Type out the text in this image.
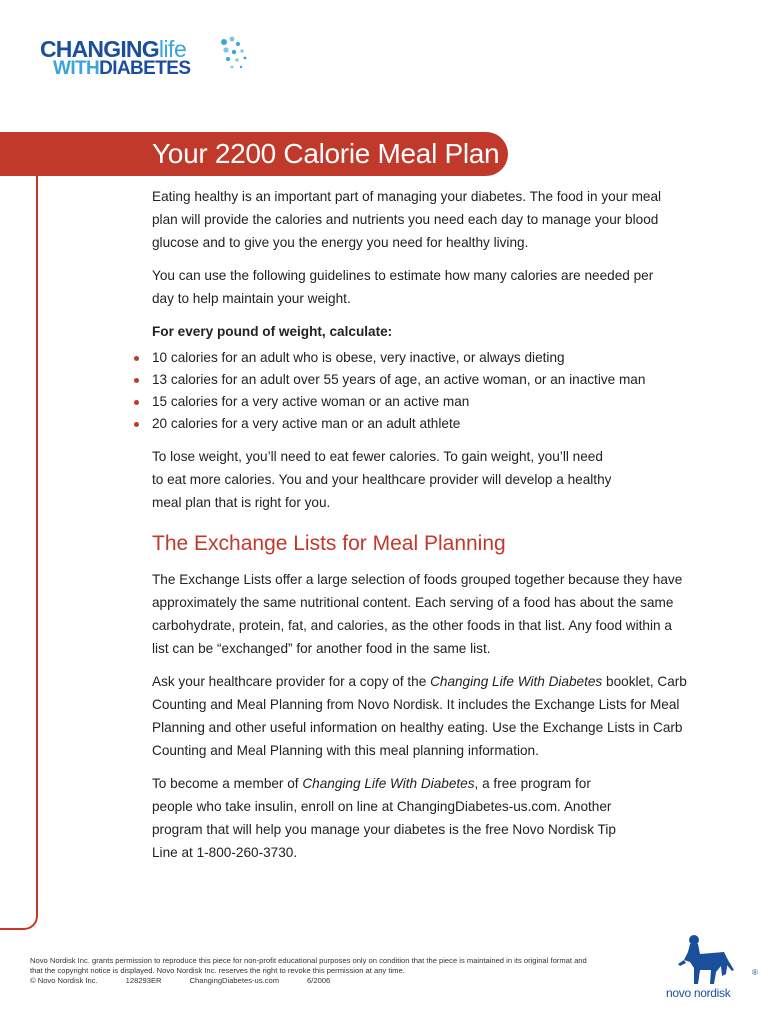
CHANGINGlife
WITHDIABETES
Your 2200 Calorie Meal Plan

Eating healthy is an important part of managing your diabetes. The food in your meal plan will provide the calories and nutrients you need each day to manage your blood glucose and to give you the energy you need for healthy living.

You can use the following guidelines to estimate how many calories are needed per day to help maintain your weight.

For every pound of weight, calculate:

10 calories for an adult who is obese, very inactive, or always dieting
13 calories for an adult over 55 years of age, an active woman, or an inactive man
15 calories for a very active woman or an active man
20 calories for a very active man or an adult athlete

To lose weight, you’ll need to eat fewer calories. To gain weight, you’ll need to eat more calories. You and your healthcare provider will develop a healthy meal plan that is right for you.

The Exchange Lists for Meal Planning

The Exchange Lists offer a large selection of foods grouped together because they have approximately the same nutritional content. Each serving of a food has about the same carbohydrate, protein, fat, and calories, as the other foods in that list. Any food within a list can be “exchanged” for another food in the same list.

Ask your healthcare provider for a copy of the Changing Life With Diabetes booklet, Carb Counting and Meal Planning from Novo Nordisk. It includes the Exchange Lists for Meal Planning and other useful information on healthy eating. Use the Exchange Lists in Carb Counting and Meal Planning with this meal planning information.

To become a member of Changing Life With Diabetes, a free program for people who take insulin, enroll on line at ChangingDiabetes-us.com. Another program that will help you manage your diabetes is the free Novo Nordisk Tip Line at 1-800-260-3730.

Novo Nordisk Inc. grants permission to reproduce this piece for non-profit educational purposes only on condition that the piece is maintained in its original format and that the copyright notice is displayed. Novo Nordisk Inc. reserves the right to revoke this permission at any time.
© Novo Nordisk Inc.	128293ER	ChangingDiabetes-us.com	6/2006
novo nordisk
®
